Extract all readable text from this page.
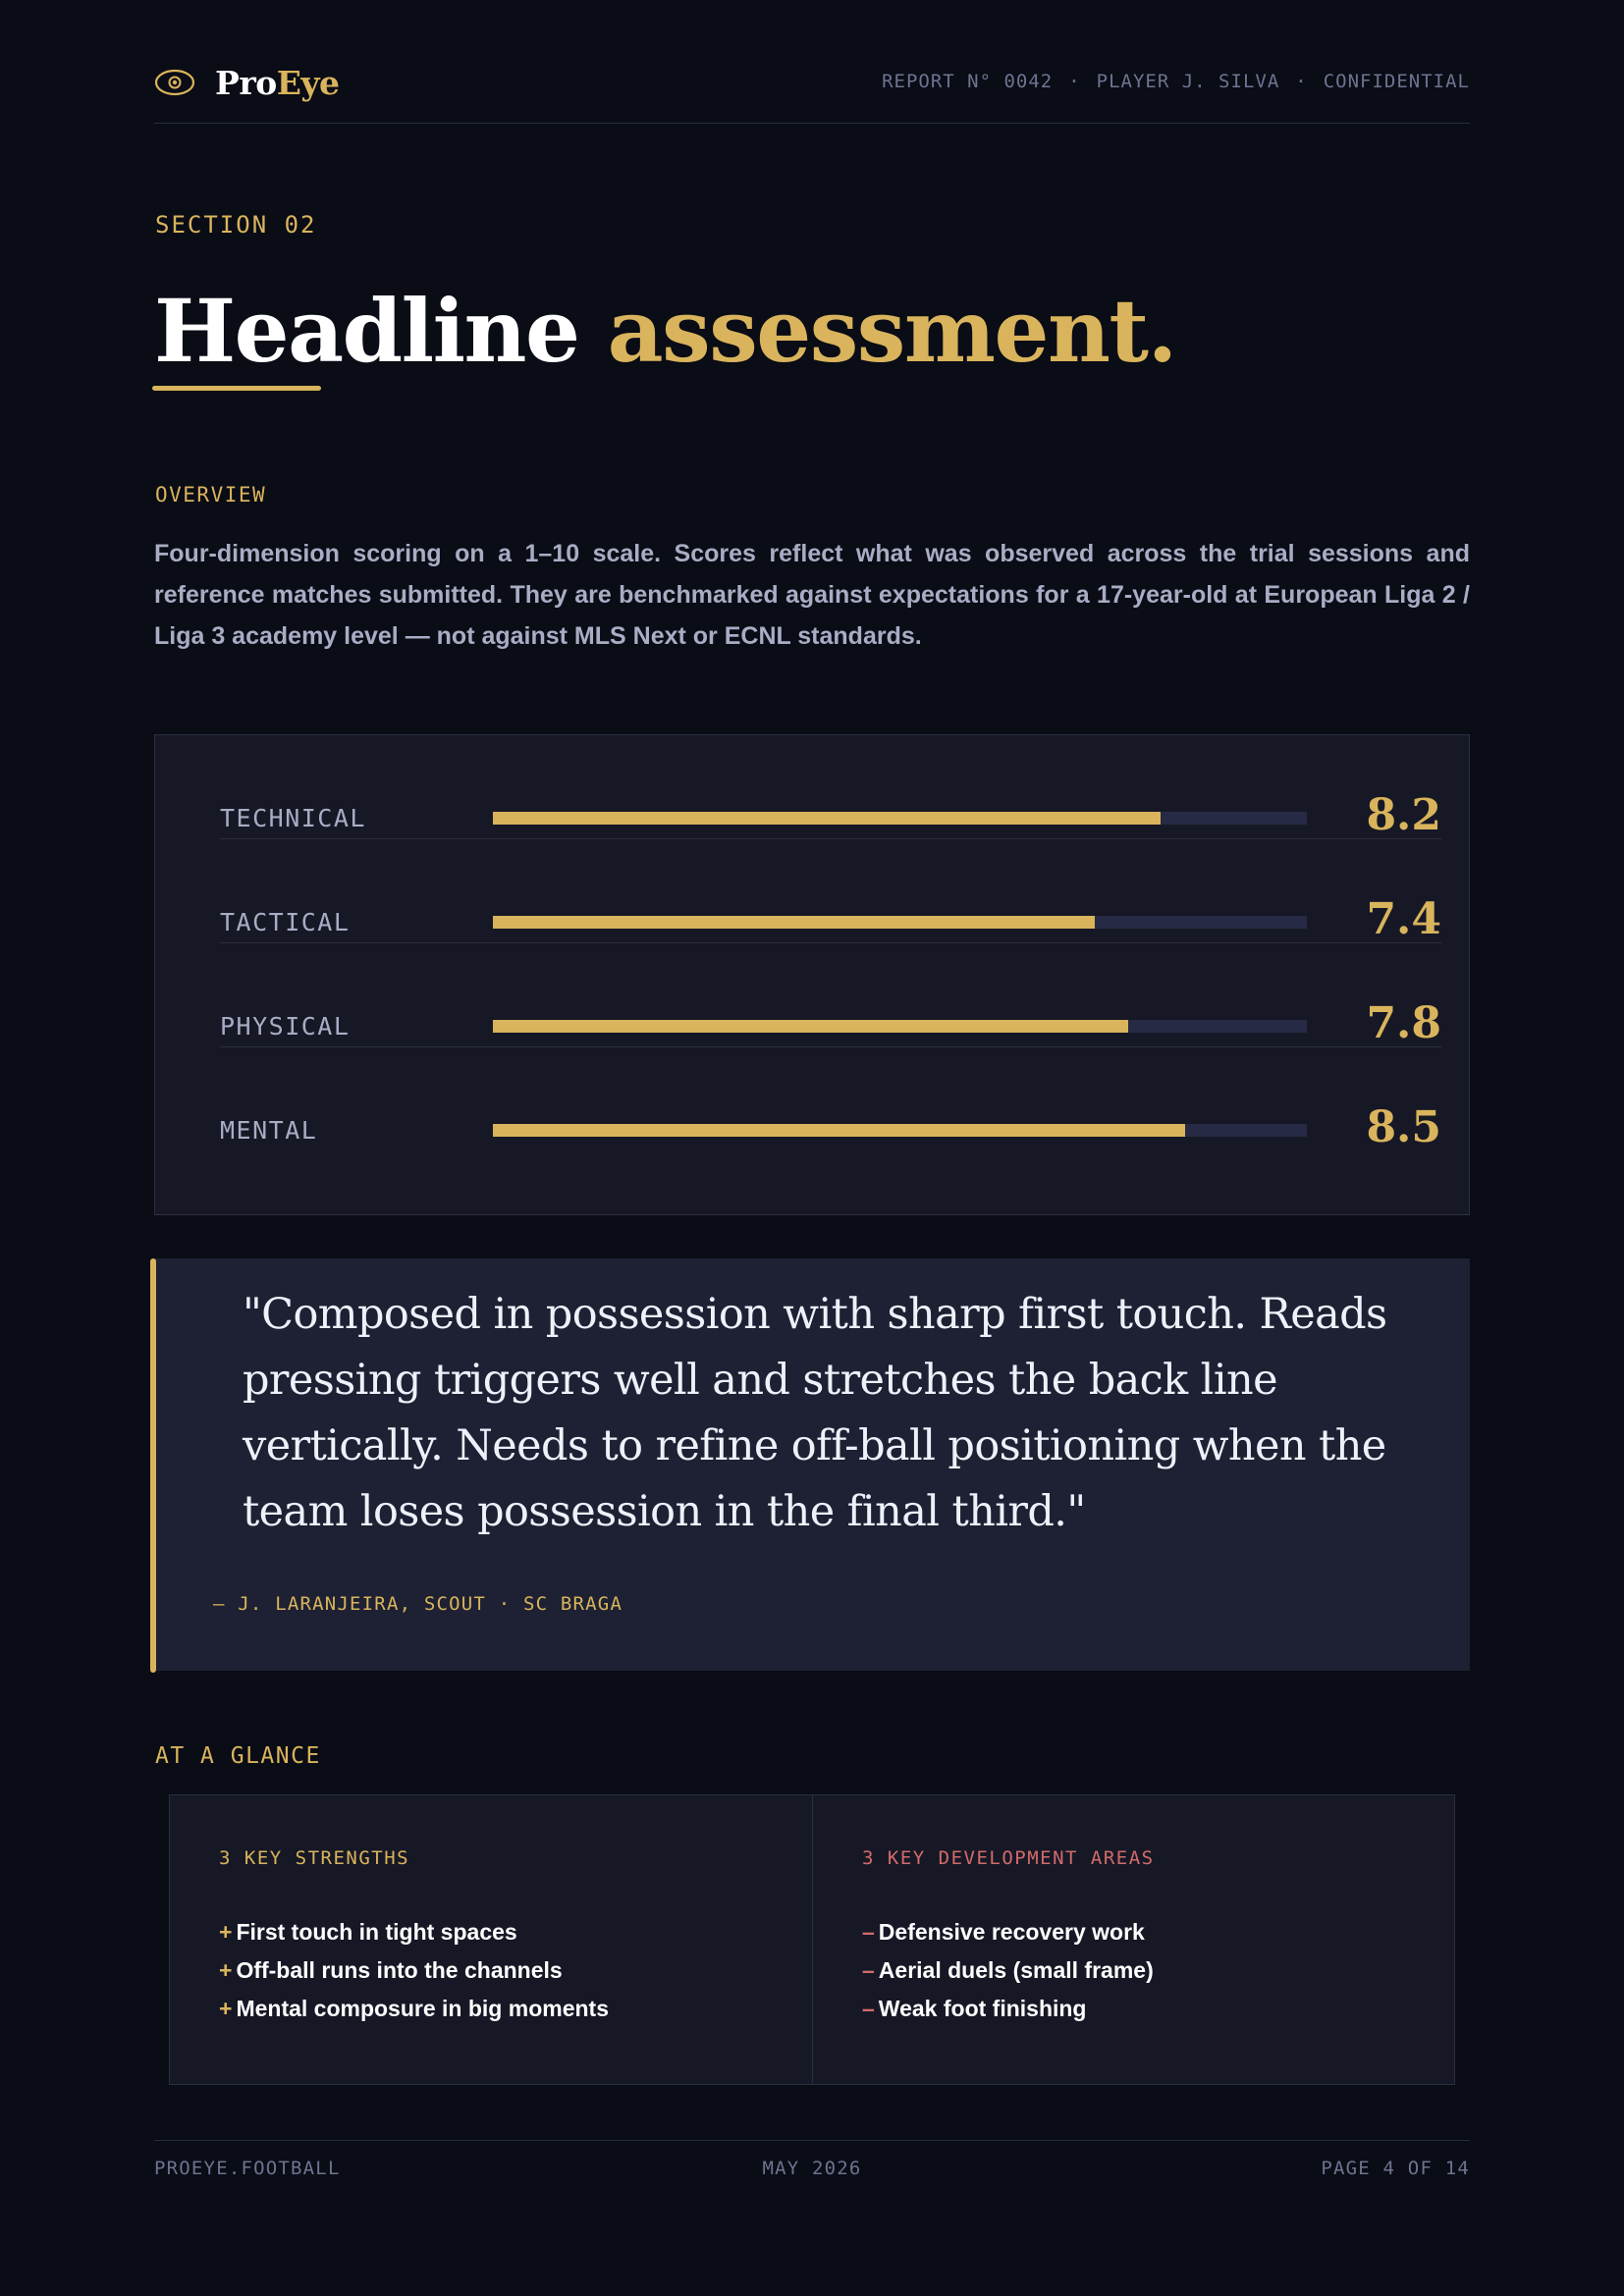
ProEye	REPORT N° 0042 · PLAYER J. SILVA · CONFIDENTIAL
SECTION 02
Headline assessment.
OVERVIEW

Four-dimension scoring on a 1–10 scale. Scores reflect what was observed across the trial sessions and reference matches submitted. They are benchmarked against expectations for a 17-year-old at European Liga 2 / Liga 3 academy level — not against MLS Next or ECNL standards.

TECHNICAL	8.2
TACTICAL	7.4
PHYSICAL	7.8
MENTAL	8.5

"Composed in possession with sharp first touch. Reads pressing triggers well and stretches the back line vertically. Needs to refine off-ball positioning when the team loses possession in the final third."

— J. LARANJEIRA, SCOUT · SC BRAGA
AT A GLANCE
3 KEY STRENGTHS
+ First touch in tight spaces
+ Off-ball runs into the channels
+ Mental composure in big moments
3 KEY DEVELOPMENT AREAS
– Defensive recovery work
– Aerial duels (small frame)
– Weak foot finishing
PROEYE.FOOTBALL	MAY 2026	PAGE 4 OF 14
